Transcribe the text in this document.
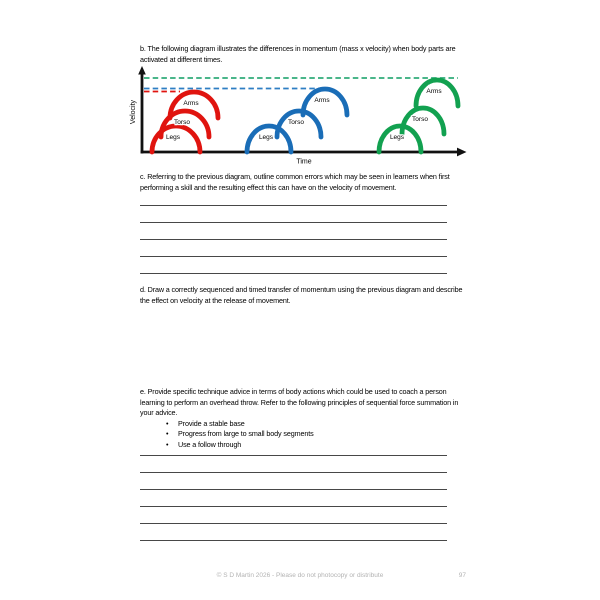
b. The following diagram illustrates the differences in momentum (mass x velocity) when body parts are activated at different times.
Velocity
Time
Legs
Torso
Arms
Legs
Torso
Arms
Legs
Torso
Arms
c. Referring to the previous diagram, outline common errors which may be seen in learners when first performing a skill and the resulting effect this can have on the velocity of movement.
d. Draw a correctly sequenced and timed transfer of momentum using the previous diagram and describe the effect on velocity at the release of movement.
e. Provide specific technique advice in terms of body actions which could be used to coach a person learning to perform an overhead throw. Refer to the following principles of sequential force summation in your advice.
• Provide a stable base
• Progress from large to small body segments
• Use a follow through
© S D Martin 2026 - Please do not photocopy or distribute	97
